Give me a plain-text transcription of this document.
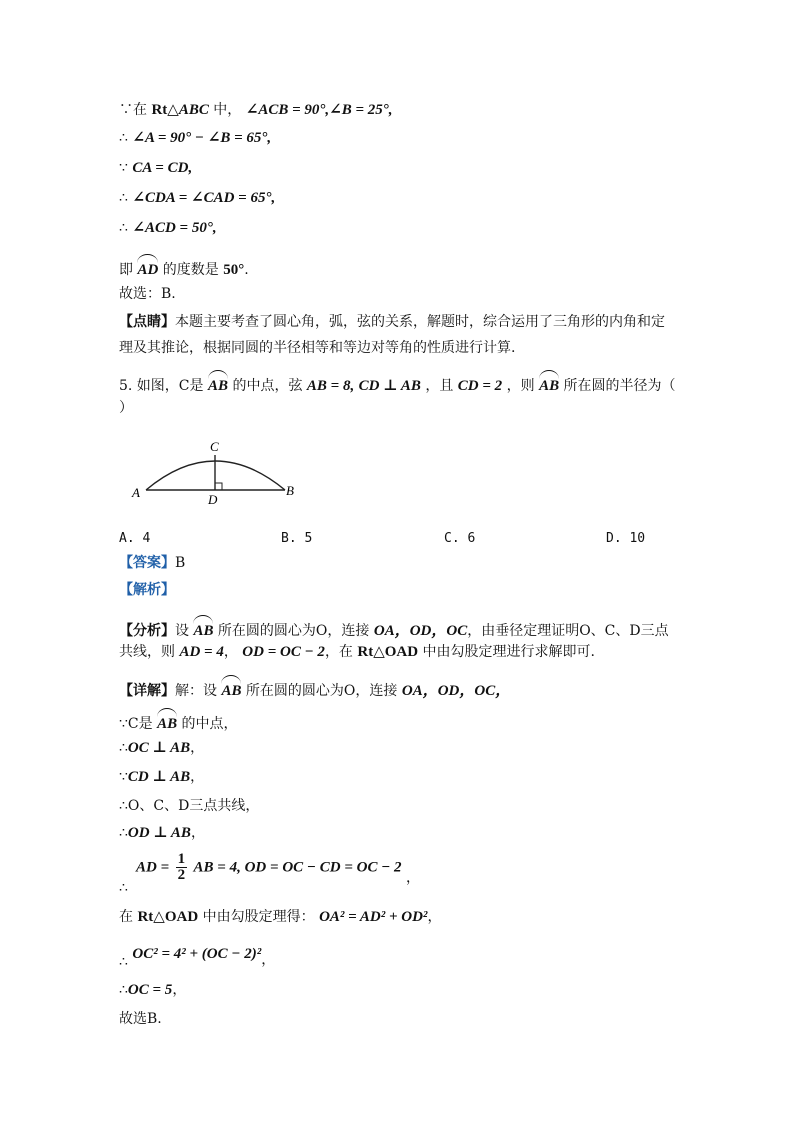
∵在 Rt△ABC 中， ∠ACB = 90°,∠B = 25°,
∴ ∠A = 90° − ∠B = 65°,
∵ CA = CD,
∴ ∠CDA = ∠CAD = 65°,
∴ ∠ACD = 50°,
即 AD 的度数是 50°.
故选：B.
【点睛】本题主要考查了圆心角，弧，弦的关系，解题时，综合运用了三角形的内角和定
理及其推论，根据同圆的半径相等和等边对等角的性质进行计算.
5. 如图，C是 AB 的中点，弦 AB = 8, CD ⊥ AB ，且 CD = 2 ，则 AB 所在圆的半径为（
）
A	B
C
D
A. 4	B. 5	C. 6	D. 10
【答案】B
【解析】
【分析】设 AB 所在圆的圆心为O，连接 OA，OD，OC，由垂径定理证明O、C、D三点
共线，则 AD = 4， OD = OC − 2，在 Rt△OAD 中由勾股定理进行求解即可.
【详解】解：设 AB 所在圆的圆心为O，连接 OA，OD，OC，
∵C是 AB 的中点，
∴OC ⊥ AB，
∵CD ⊥ AB，
∴O、C、D三点共线，
∴OD ⊥ AB，
AD = $\frac{1}{2}$ AB = 4, OD = OC − CD = OC − 2 ，
∴
在 Rt△OAD 中由勾股定理得： OA² = AD² + OD²，
∴ OC² = 4² + (OC − 2)²，
∴OC = 5，
故选B.
